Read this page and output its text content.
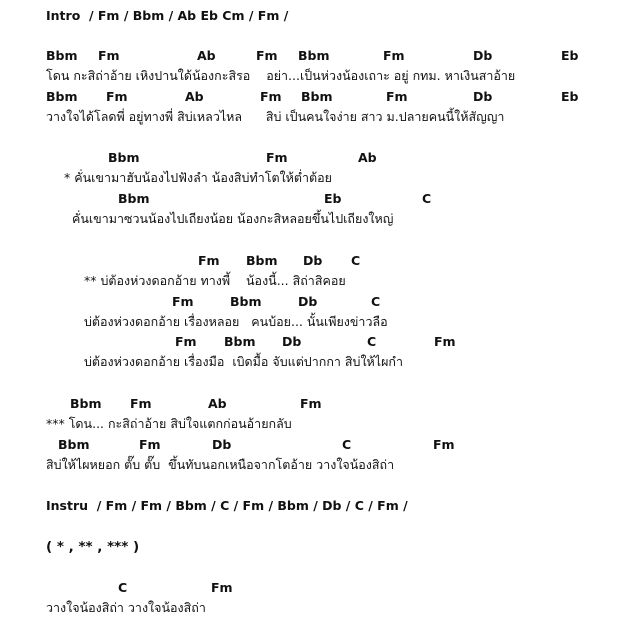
Intro  / Fm / Bbm / Ab Eb Cm / Fm /
Bbm Fm	Ab	Fm Bbm	Fm	Db	Eb
โดน กะสิถ่าอ้าย เหิงปานใด้น้องกะสิรอ    อย่า...เป็นห่วงน้องเถาะ อยู่ กทม. หาเงินสาอ้าย
Bbm Fm	Ab	Fm Bbm	Fm	Db	Eb
วางใจได้โลดพี่ อยู่ทางพี่ สิบ่เหลวไหล      สิบ่ เป็นคนใจง่าย สาว ม.ปลายคนนี้ให้สัญญา
Bbm	Fm	Ab
* คั่นเขามาฮับน้องไปฟังลำ น้องสิบ่ทำโตให้ต่ำต้อย
Bbm	Eb	C
คั่นเขามาซวนน้องไปเถียงน้อย น้องกะสิหลอยขึ้นไปเถียงใหญ่
Fm Bbm Db C
** บ่ต้องห่วงดอกอ้าย ทางพี้    น้องนี้... สิถ่าสิคอย
Fm	Bbm	Db	C
บ่ต้องห่วงดอกอ้าย เรื่องหลอย   คนบ้อย... นั้นเพียงข่าวลือ
Fm Bbm Db	C	Fm
บ่ต้องห่วงดอกอ้าย เรื่องมือ  เบิดมื้อ จับแต่ปากกา สิบ่ให้ไผกำ
Bbm Fm	Ab	Fm
*** โดน... กะสิถ่าอ้าย สิบ่ใจแตกก่อนอ้ายกลับ
Bbm	Fm	Db	C	Fm
สิบ่ให้ไผหยอก ตั๊บ ตั๊บ  ขึ้นทับนอกเหนือจากโตอ้าย วางใจน้องสิถ่า
Instru  / Fm / Fm / Bbm / C / Fm / Bbm / Db / C / Fm /
( * , ** , *** )
C	Fm
วางใจน้องสิถ่า วางใจน้องสิถ่า
